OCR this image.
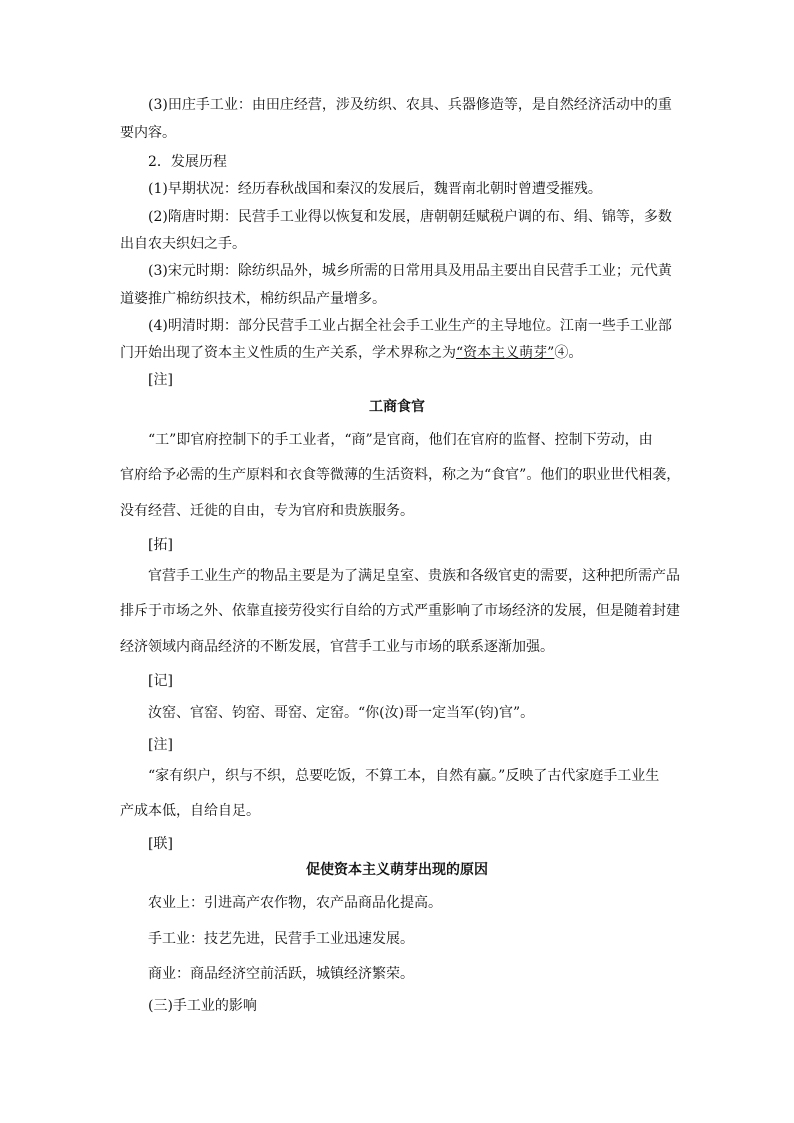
(3)田庄手工业：由田庄经营，涉及纺织、农具、兵器修造等，是自然经济活动中的重
要内容。
2．发展历程
(1)早期状况：经历春秋战国和秦汉的发展后，魏晋南北朝时曾遭受摧残。
(2)隋唐时期：民营手工业得以恢复和发展，唐朝朝廷赋税户调的布、绢、锦等，多数
出自农夫织妇之手。
(3)宋元时期：除纺织品外，城乡所需的日常用具及用品主要出自民营手工业；元代黄
道婆推广棉纺织技术，棉纺织品产量增多。
(4)明清时期：部分民营手工业占据全社会手工业生产的主导地位。江南一些手工业部
门开始出现了资本主义性质的生产关系，学术界称之为“资本主义萌芽”④。
[注]
工商食官
“工”即官府控制下的手工业者，“商”是官商，他们在官府的监督、控制下劳动，由
官府给予必需的生产原料和衣食等微薄的生活资料，称之为“食官”。他们的职业世代相袭，
没有经营、迁徙的自由，专为官府和贵族服务。
[拓]
官营手工业生产的物品主要是为了满足皇室、贵族和各级官吏的需要，这种把所需产品
排斥于市场之外、依靠直接劳役实行自给的方式严重影响了市场经济的发展，但是随着封建
经济领域内商品经济的不断发展，官营手工业与市场的联系逐渐加强。
[记]
汝窑、官窑、钧窑、哥窑、定窑。“你(汝)哥一定当军(钧)官”。
[注]
“家有织户，织与不织，总要吃饭，不算工本，自然有赢。”反映了古代家庭手工业生
产成本低，自给自足。
[联]
促使资本主义萌芽出现的原因
农业上：引进高产农作物，农产品商品化提高。
手工业：技艺先进，民营手工业迅速发展。
商业：商品经济空前活跃，城镇经济繁荣。
(三)手工业的影响
